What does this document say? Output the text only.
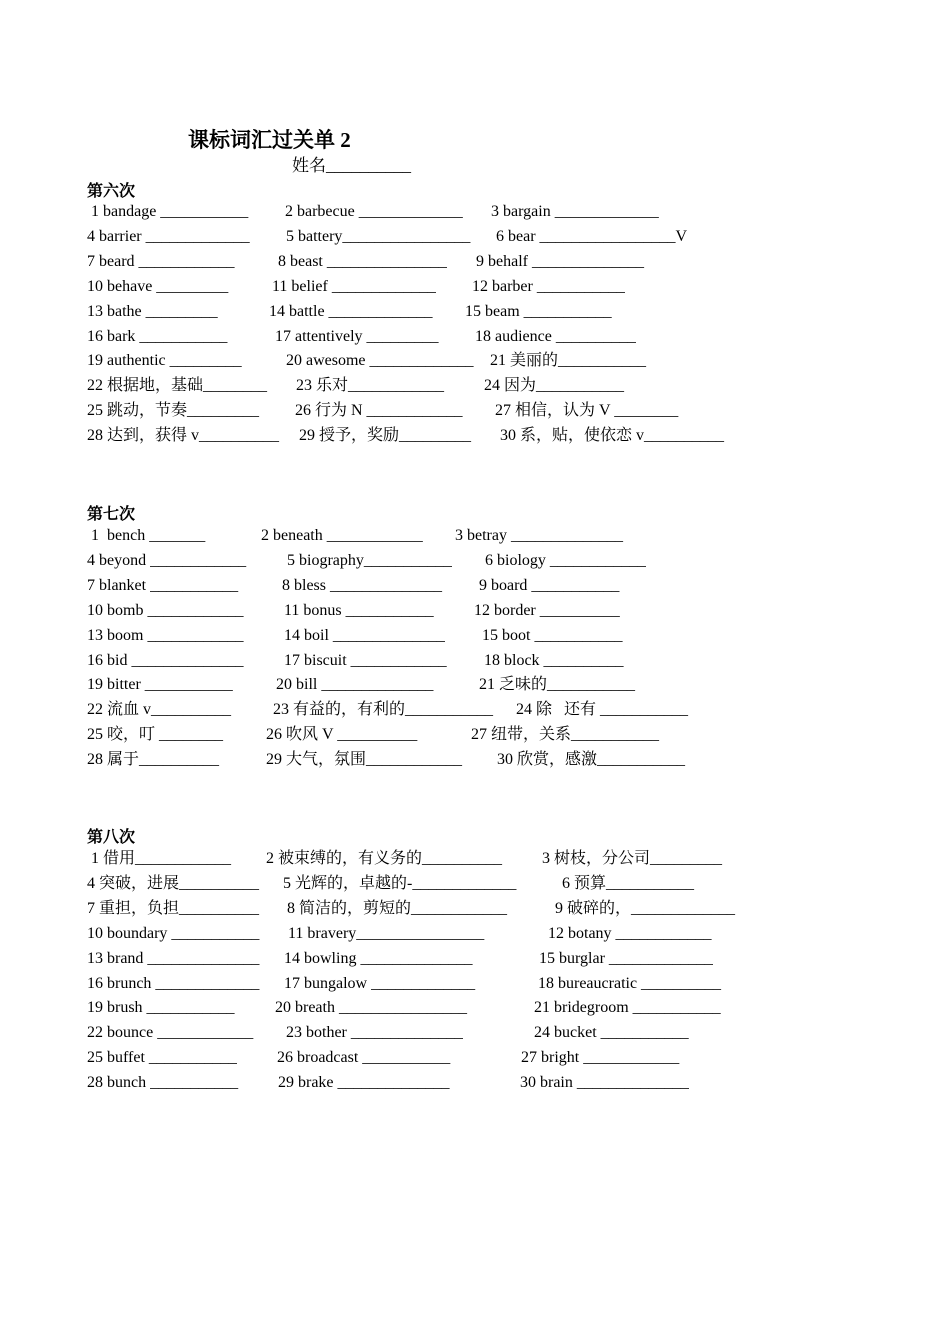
课标词汇过关单 2
姓名__________
第六次
1 bandage ___________ 2 barbecue _____________ 3 bargain _____________
4 barrier _____________ 5 battery________________ 6 bear _________________V
7 beard ____________	8 beast _______________ 9 behalf ______________
10 behave _________	11 belief _____________ 12 barber ___________
13 bathe _________	14 battle _____________ 15 beam ___________
16 bark ___________	17 attentively _________ 18 audience __________
19 authentic _________	20 awesome _____________ 21 美丽的___________
22 根据地，基础________ 23 乐对____________ 24 因为___________
25 跳动，节奏_________ 26 行为 N ____________ 27 相信，认为 V ________
28 达到，获得 v__________ 29 授予，奖励_________ 30 系，贴，使依恋 v__________
第七次
1  bench _______	2 beneath ____________ 3 betray ______________
4 beyond ____________	5 biography___________ 6 biology ____________
7 blanket ___________	8 bless ______________ 9 board ___________
10 bomb ____________	11 bonus ___________	12 border __________
13 boom ____________	14 boil ______________ 15 boot ___________
16 bid ______________	17 biscuit ____________ 18 block __________
19 bitter ___________	20 bill ______________	21 乏味的___________
22 流血 v__________	23 有益的，有利的___________ 24 除   还有 ___________
25 咬，叮 ________	26 吹风 V __________	27 纽带，关系___________
28 属于__________	29 大气，氛围____________ 30 欣赏，感激___________
第八次
1 借用____________ 2 被束缚的，有义务的__________ 3 树枝，分公司_________
4 突破，进展__________ 5 光辉的，卓越的-_____________	6 预算___________
7 重担，负担__________ 8 简洁的，剪短的____________	9 破碎的，_____________
10 boundary ___________ 11 bravery________________	12 botany ____________
13 brand ______________ 14 bowling ______________	15 burglar _____________
16 brunch _____________ 17 bungalow _____________	18 bureaucratic __________
19 brush ___________	20 breath ________________	21 bridegroom ___________
22 bounce ____________ 23 bother ______________	24 bucket ___________
25 buffet ___________	26 broadcast ___________	27 bright ____________
28 bunch ___________ 29 brake ______________	30 brain ______________
